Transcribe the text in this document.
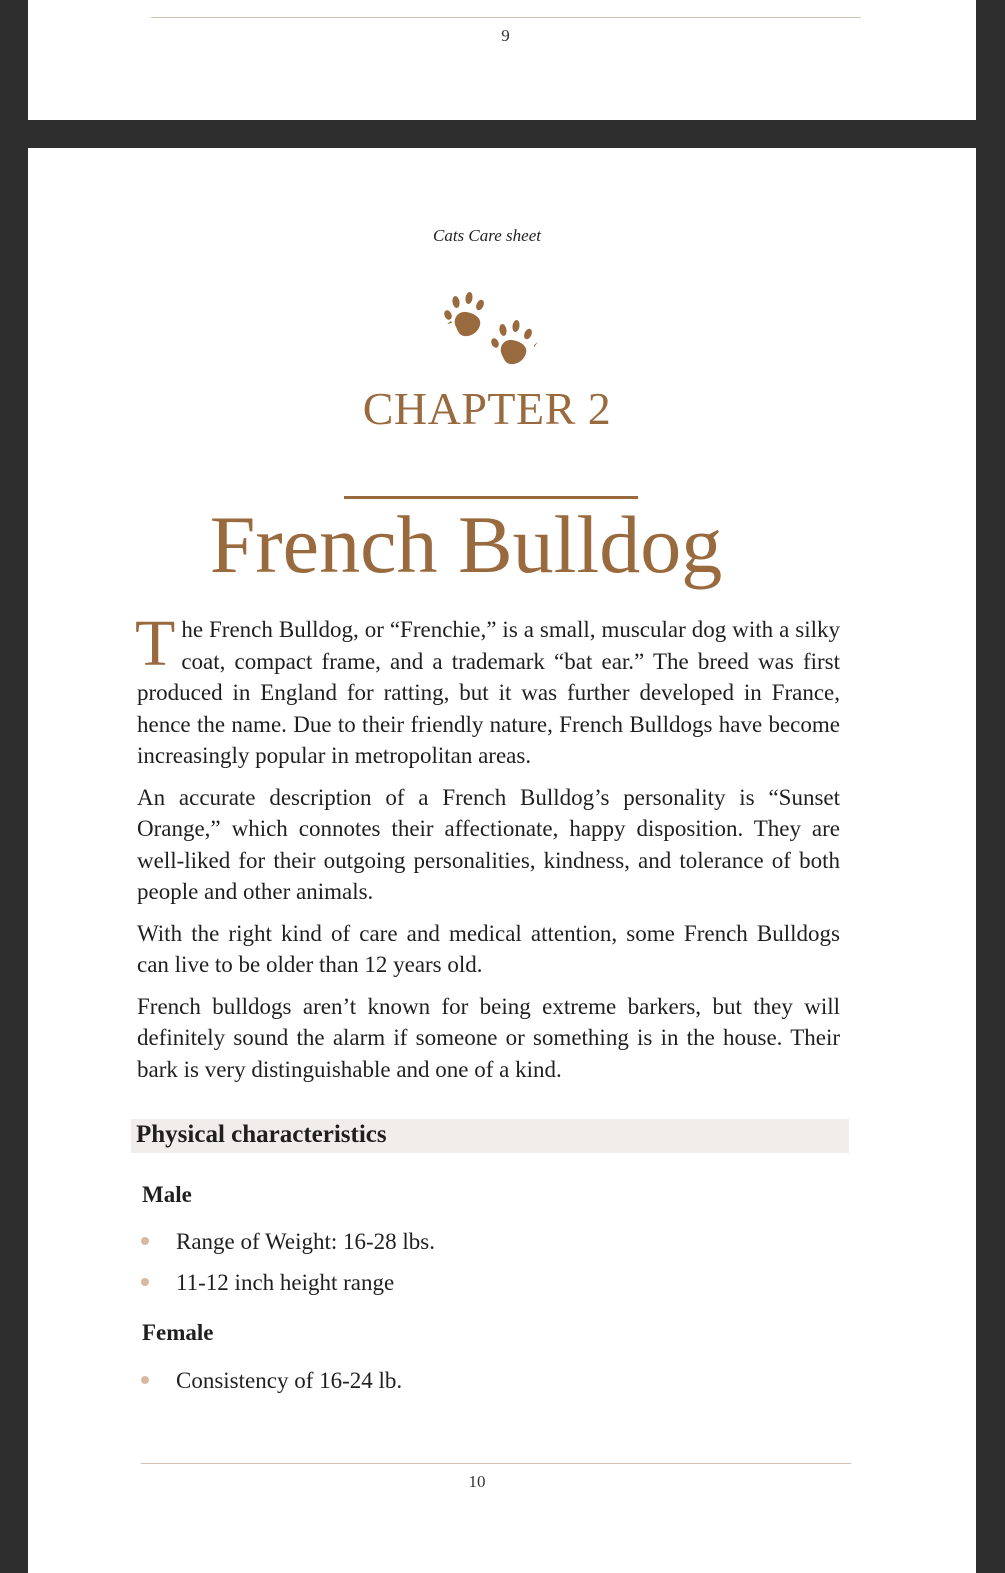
9
Cats Care sheet
CHAPTER 2
French Bulldog

The French Bulldog, or “Frenchie,” is a small, muscular dog with a silky coat, compact frame, and a trademark “bat ear.” The breed was first produced in England for ratting, but it was further developed in France, hence the name. Due to their friendly nature, French Bulldogs have become increasingly popular in metropolitan areas.

An accurate description of a French Bulldog’s personality is “Sunset Orange,” which connotes their affectionate, happy disposition. They are well-liked for their outgoing personalities, kindness, and tolerance of both people and other animals.

With the right kind of care and medical attention, some French Bulldogs can live to be older than 12 years old.

French bulldogs aren’t known for being extreme barkers, but they will definitely sound the alarm if someone or something is in the house. Their bark is very distinguishable and one of a kind.

Physical characteristics
Male
Range of Weight: 16-28 lbs.
11-12 inch height range
Female
Consistency of 16-24 lb.
10
